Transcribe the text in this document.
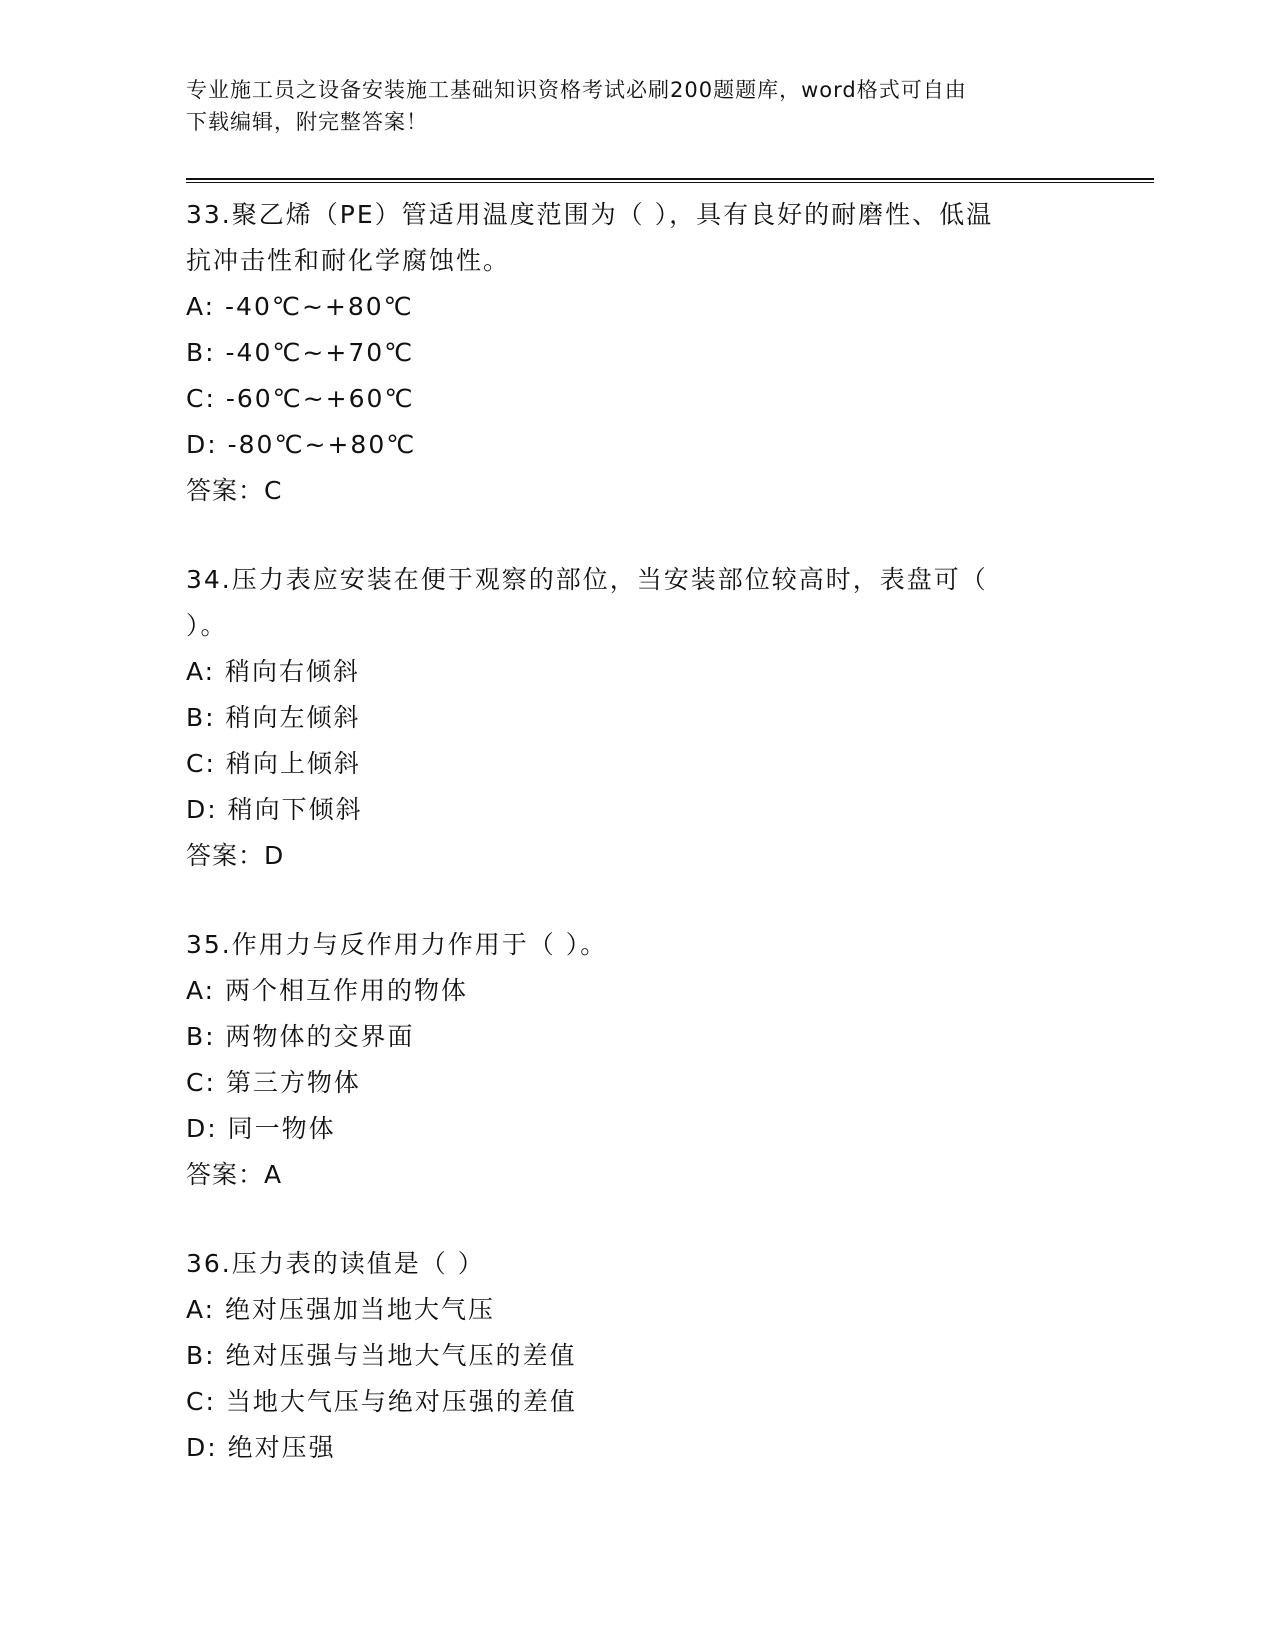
专业施工员之设备安装施工基础知识资格考试必刷200题题库，word格式可自由
下载编辑，附完整答案！
33.聚乙烯（PE）管适用温度范围为（ ），具有良好的耐磨性、低温
抗冲击性和耐化学腐蚀性。
A: -40℃~+80℃
B: -40℃~+70℃
C: -60℃~+60℃
D: -80℃~+80℃
答案：C
34.压力表应安装在便于观察的部位，当安装部位较高时，表盘可（
）。
A: 稍向右倾斜
B: 稍向左倾斜
C: 稍向上倾斜
D: 稍向下倾斜
答案：D
35.作用力与反作用力作用于（ ）。
A: 两个相互作用的物体
B: 两物体的交界面
C: 第三方物体
D: 同一物体
答案：A
36.压力表的读值是（ ）
A: 绝对压强加当地大气压
B: 绝对压强与当地大气压的差值
C: 当地大气压与绝对压强的差值
D: 绝对压强
